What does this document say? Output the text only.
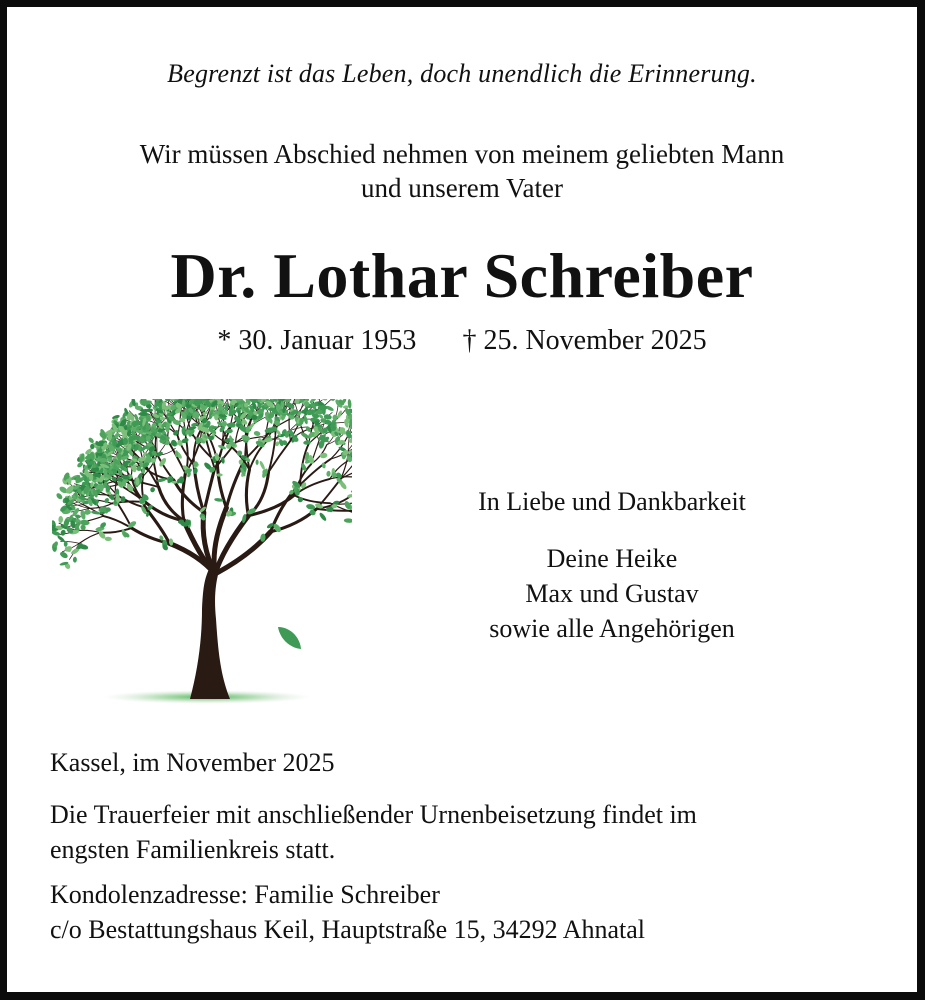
Begrenzt ist das Leben, doch unendlich die Erinnerung.
Wir müssen Abschied nehmen von meinem geliebten Mann
und unserem Vater
Dr. Lothar Schreiber
* 30. Januar 1953 † 25. November 2025
In Liebe und Dankbarkeit
Deine Heike
Max und Gustav
sowie alle Angehörigen
Kassel, im November 2025
Die Trauerfeier mit anschließender Urnenbeisetzung findet im
engsten Familienkreis statt.
Kondolenzadresse: Familie Schreiber
c/o Bestattungshaus Keil, Hauptstraße 15, 34292 Ahnatal
